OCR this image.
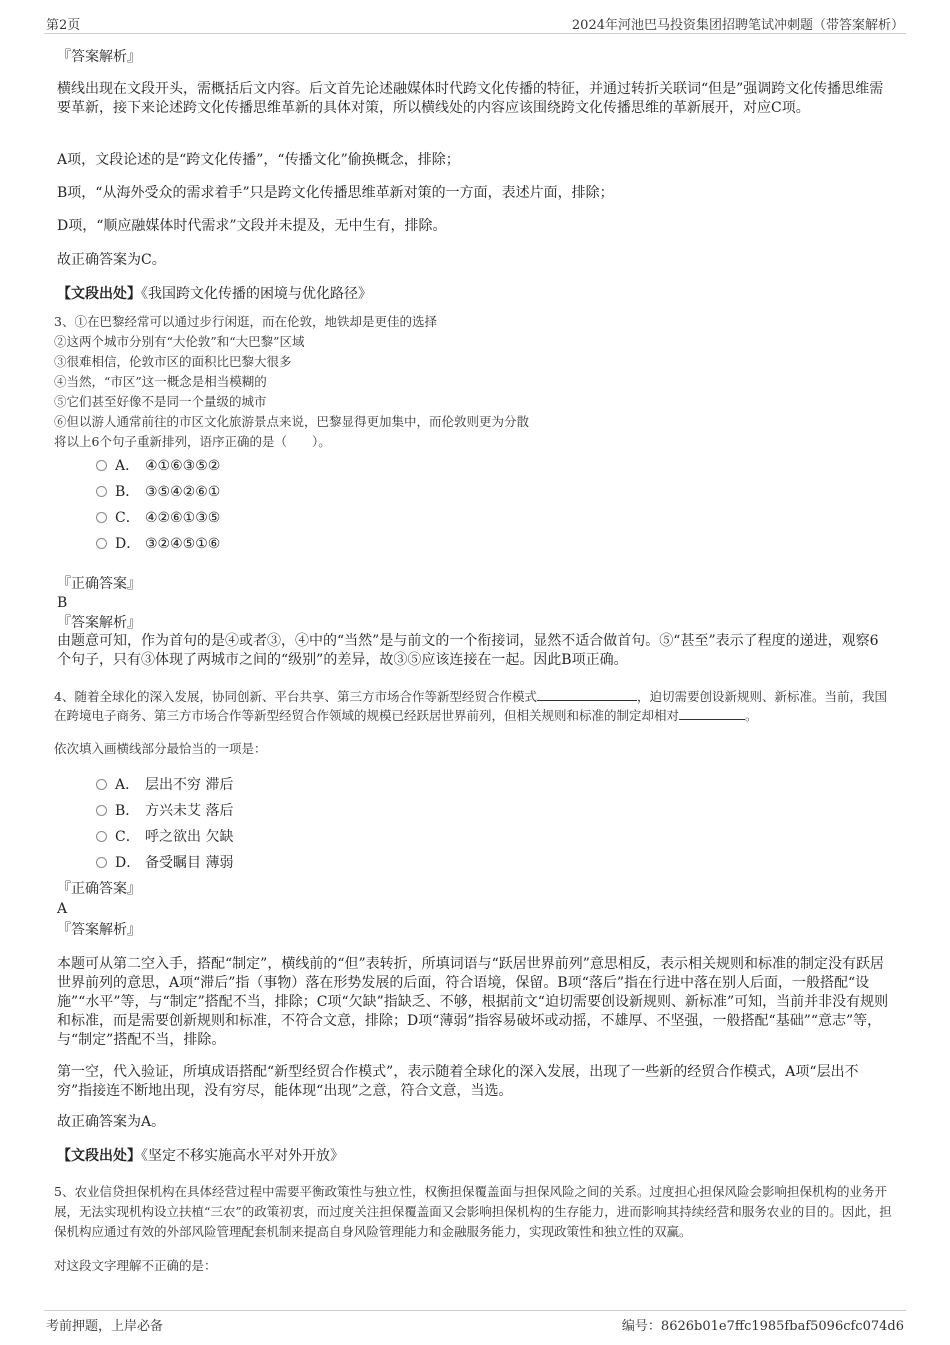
第2页	2024年河池巴马投资集团招聘笔试冲刺题（带答案解析）
『答案解析』
横线出现在文段开头，需概括后文内容。后文首先论述融媒体时代跨文化传播的特征，并通过转折关联词“但是”强调跨文化传播思维需要革新，接下来论述跨文化传播思维革新的具体对策，所以横线处的内容应该围绕跨文化传播思维的革新展开，对应C项。
A项，文段论述的是“跨文化传播”，“传播文化”偷换概念，排除；
B项，“从海外受众的需求着手”只是跨文化传播思维革新对策的一方面，表述片面，排除；
D项，“顺应融媒体时代需求”文段并未提及，无中生有，排除。
故正确答案为C。
【文段出处】《我国跨文化传播的困境与优化路径》
3、①在巴黎经常可以通过步行闲逛，而在伦敦，地铁却是更佳的选择
②这两个城市分别有“大伦敦”和“大巴黎”区域
③很难相信，伦敦市区的面积比巴黎大很多
④当然，“市区”这一概念是相当模糊的
⑤它们甚至好像不是同一个量级的城市
⑥但以游人通常前往的市区文化旅游景点来说，巴黎显得更加集中，而伦敦则更为分散
将以上6个句子重新排列，语序正确的是（　　）。
A． ④①⑥③⑤②
B． ③⑤④②⑥①
C． ④②⑥①③⑤
D． ③②④⑤①⑥
『正确答案』
B
『答案解析』
由题意可知，作为首句的是④或者③，④中的“当然”是与前文的一个衔接词，显然不适合做首句。⑤“甚至”表示了程度的递进，观察6个句子，只有③体现了两城市之间的“级别”的差异，故③⑤应该连接在一起。因此B项正确。
4、随着全球化的深入发展，协同创新、平台共享、第三方市场合作等新型经贸合作模式	，迫切需要创设新规则、新标准。当前，我国在跨境电子商务、第三方市场合作等新型经贸合作领域的规模已经跃居世界前列，但相关规则和标准的制定却相对	。
依次填入画横线部分最恰当的一项是：
A． 层出不穷 滞后
B． 方兴未艾 落后
C． 呼之欲出 欠缺
D． 备受瞩目 薄弱
『正确答案』
A
『答案解析』
本题可从第二空入手，搭配“制定”，横线前的“但”表转折，所填词语与“跃居世界前列”意思相反，表示相关规则和标准的制定没有跃居世界前列的意思，A项“滞后”指（事物）落在形势发展的后面，符合语境，保留。B项“落后”指在行进中落在别人后面，一般搭配“设施”“水平”等，与“制定”搭配不当，排除；C项“欠缺”指缺乏、不够，根据前文“迫切需要创设新规则、新标准”可知，当前并非没有规则和标准，而是需要创新规则和标准，不符合文意，排除；D项“薄弱”指容易破坏或动摇，不雄厚、不坚强，一般搭配“基础”“意志”等，与“制定”搭配不当，排除。
第一空，代入验证，所填成语搭配“新型经贸合作模式”，表示随着全球化的深入发展，出现了一些新的经贸合作模式，A项“层出不穷”指接连不断地出现，没有穷尽，能体现“出现”之意，符合文意，当选。
故正确答案为A。
【文段出处】《坚定不移实施高水平对外开放》
5、农业信贷担保机构在具体经营过程中需要平衡政策性与独立性，权衡担保覆盖面与担保风险之间的关系。过度担心担保风险会影响担保机构的业务开展，无法实现机构设立扶植“三农”的政策初衷，而过度关注担保覆盖面又会影响担保机构的生存能力，进而影响其持续经营和服务农业的目的。因此，担保机构应通过有效的外部风险管理配套机制来提高自身风险管理能力和金融服务能力，实现政策性和独立性的双赢。
对这段文字理解不正确的是：
考前押题，上岸必备	编号：8626b01e7ffc1985fbaf5096cfc074d6
